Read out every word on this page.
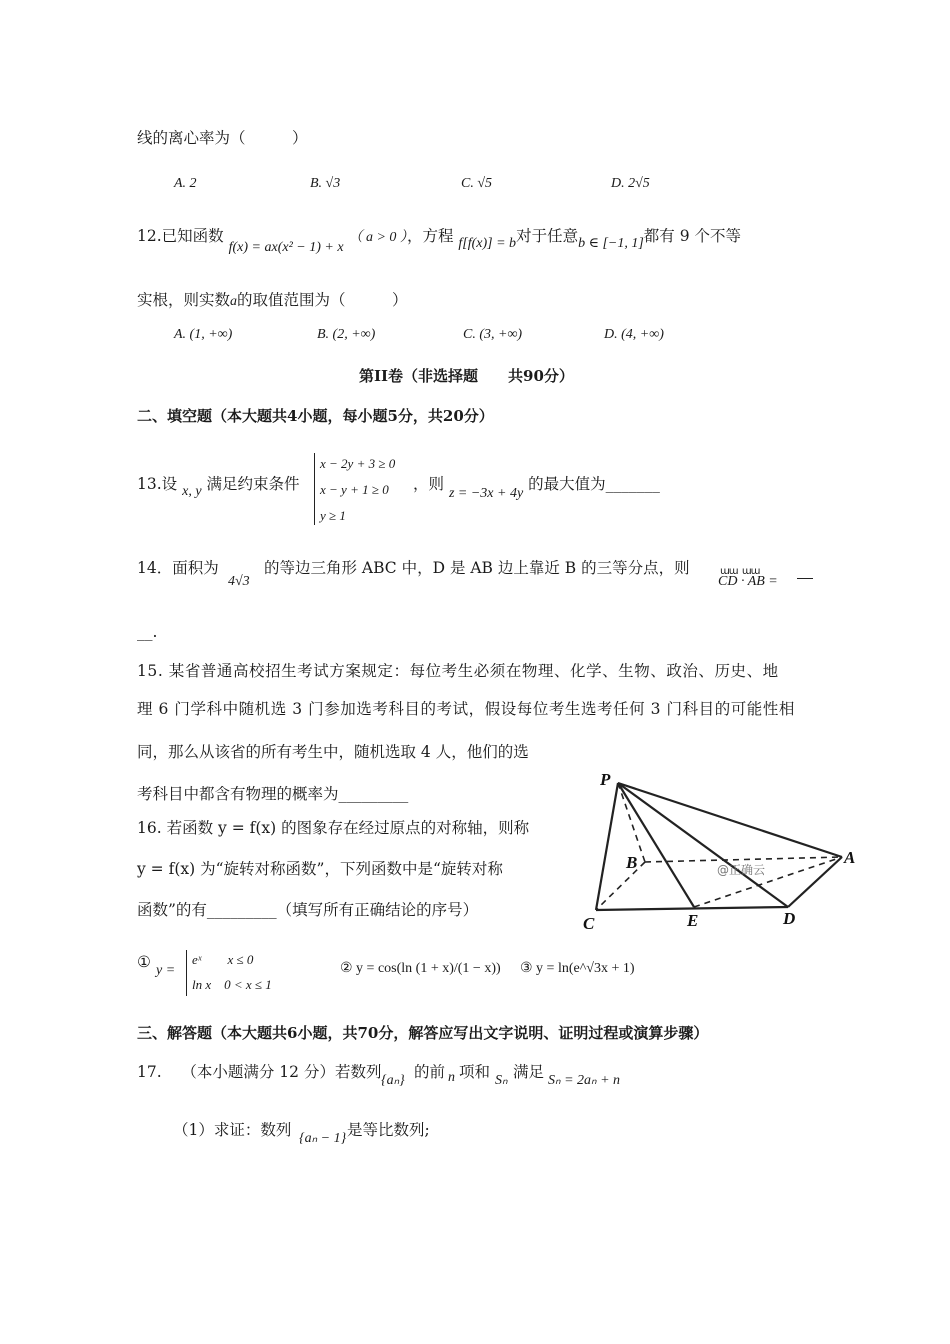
线的离心率为（　　　）
A. 2	B. √3	C. √5	D. 2√5
12.已知函数 f(x) = ax(x² − 1) + x （ a > 0 ），方程 f[f(x)] = b对于任意b ∈ [−1, 1]都有 9 个不等
实根，则实数a的取值范围为（　　　）
A. (1, +∞)	B. (2, +∞)	C. (3, +∞)	D. (4, +∞)
第II卷（非选择题　　共90分）
二、填空题（本大题共4小题，每小题5分，共20分）
13.设 x, y 满足约束条件
x − 2y + 3 ≥ 0
x − y + 1 ≥ 0
y ≥ 1
，则 z = −3x + 4y 的最大值为_______
14．面积为
4√3
的等边三角形 ABC 中，D 是 AB 边上靠近 B 的三等分点，则	ɯɯ  ɯɯ
CD · AB =
__.
15. 某省普通高校招生考试方案规定：每位考生必须在物理、化学、生物、政治、历史、地
理 6 门学科中随机选 3 门参加选考科目的考试，假设每位考生选考任何 3 门科目的可能性相
同，那么从该省的所有考生中，随机选取 4 人，他们的选
考科目中都含有物理的概率为_________
16. 若函数 y = f(x) 的图象存在经过原点的对称轴，则称
y = f(x) 为“旋转对称函数”，下列函数中是“旋转对称
函数”的有_________（填写所有正确结论的序号）
① y =
eˣ　　x ≤ 0
ln x　0 < x ≤ 1
② y = cos(ln (1 + x)/(1 − x)) ③ y = ln(e^√3x + 1)
P
B	A
C	E	D
@正确云
三、解答题（本大题共6小题，共70分，解答应写出文字说明、证明过程或演算步骤）
17. （本小题满分 12 分）若数列 {aₙ} 的前 n 项和 Sₙ 满足 Sₙ = 2aₙ + n
（1）求证：数列 {aₙ − 1} 是等比数列;
